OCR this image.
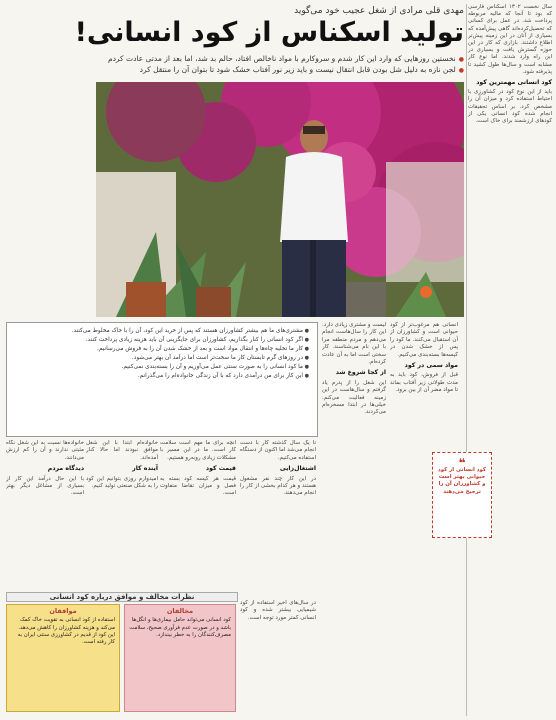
سال نخست ۱۳۰۲ اسکناس فارسی که بود تا آنجا که مالیه مربوطه پرداخت شد. در عمل برای کسانی که تحصیل‌کرده‌اند گاهی پیش‌آمده که بسیاری از آنان در این زمینه پیش‌تر اطلاع داشتند. بازاری که کار در این حوزه گسترش یافت و بسیاری در این راه وارد شدند. اما نوع کار مشابه است و سال‌ها طول کشید تا پذیرفته شود.
کود انسانی مهمترین کود
باید از این نوع کود در کشاورزی با احتیاط استفاده کرد و میزان آن را مشخص کرد. بر اساس تحقیقات انجام شده کود انسانی یکی از کودهای ارزشمند برای خاک است.
مهدی قلی مرادی از شغل عجیب خود می‌گوید
تولید اسکناس از کود انسانی!
● نخستین روزهایی که وارد این کار شدم و سروکارم با مواد ناخالص افتاد، حالم بد شد، اما بعد از مدتی عادت کردم
● لجن نازه به دلیل شل بودن قابل انتقال نیست و باید زیر نور آفتاب خشک شود تا بتوان آن را منتقل کرد
● مشتری‌های ما هم بیشتر کشاورزان هستند که پس از خرید این کود، آن را با خاک مخلوط می‌کنند.
● اگر کود انسانی را کنار بگذاریم، کشاورزان برای جایگزینی آن باید هزینه زیادی پرداخت کنند.
● کار ما تخلیه چاه‌ها و انتقال مواد است و بعد از خشک شدن آن را به فروش می‌رسانیم.
● در روزهای گرم تابستان کار ما سخت‌تر است اما درآمد آن بهتر می‌شود.
● ما کود انسانی را به صورت سنتی عمل می‌آوریم و آن را بسته‌بندی نمی‌کنیم.
● این کار برای من درآمدی دارد که با آن زندگی خانواده‌ام را می‌گذرانم.
انسانی هم مرغوب‌تر از کود حیوانی است و کشاورزان از آن استقبال می‌کنند. ما کود را پس از خشک شدن در کیسه‌ها بسته‌بندی می‌کنیم.
مواد سمی در کود
قبل از فروش، کود باید به مدت طولانی زیر آفتاب بماند تا مواد مضر آن از بین برود.
لیست و مشتری زیادی دارد. این کار را سال‌هاست انجام می‌دهم و مردم منطقه مرا با این نام می‌شناسند. کار سختی است اما به آن عادت کرده‌ام.
از کجا شروع شد
این شغل را از پدرم یاد گرفتم و سال‌هاست در این زمینه فعالیت می‌کنم. خیلی‌ها در ابتدا مسخره‌ام می‌کردند.
❝
کود انسانی از کود حیوانی بهتر است و کشاورزان آن را ترجیح می‌دهند
تا یک سال گذشته کار با دست انجام می‌شد اما اکنون از دستگاه استفاده می‌کنیم.
اشتغال‌زایی
در این کار چند نفر مشغول هستند و هر کدام بخشی از کار را انجام می‌دهند.
آنچه برای ما مهم است سلامت کار است. ما در این مسیر با مشکلات زیادی روبه‌رو هستیم.
قیمت کود
قیمت هر کیسه کود بسته به فصل و میزان تقاضا متفاوت است.
خانواده‌ام ابتدا با این شغل موافق نبودند اما حالا کنار آمده‌اند.
آینده کار
امیدوارم روزی بتوانیم این کود را به شکل صنعتی تولید کنیم.
خانواده‌ها نسبت به این شغل نگاه مثبتی ندارند و آن را کم ارزش می‌دانند.
دیدگاه مردم
با این حال درآمد این کار از بسیاری از مشاغل دیگر بهتر است.
در سال‌های اخیر استفاده از کود شیمیایی بیشتر شده و کود انسانی کمتر مورد توجه است.
نظرات مخالف و موافق درباره کود انسانی
مخالفان
کود انسانی می‌تواند حامل بیماری‌ها و انگل‌ها باشد و در صورت عدم فرآوری صحیح، سلامت مصرف‌کنندگان را به خطر بیندازد.
موافقان
استفاده از کود انسانی به تقویت خاک کمک می‌کند و هزینه کشاورزان را کاهش می‌دهد. این کود از قدیم در کشاورزی سنتی ایران به کار رفته است.
